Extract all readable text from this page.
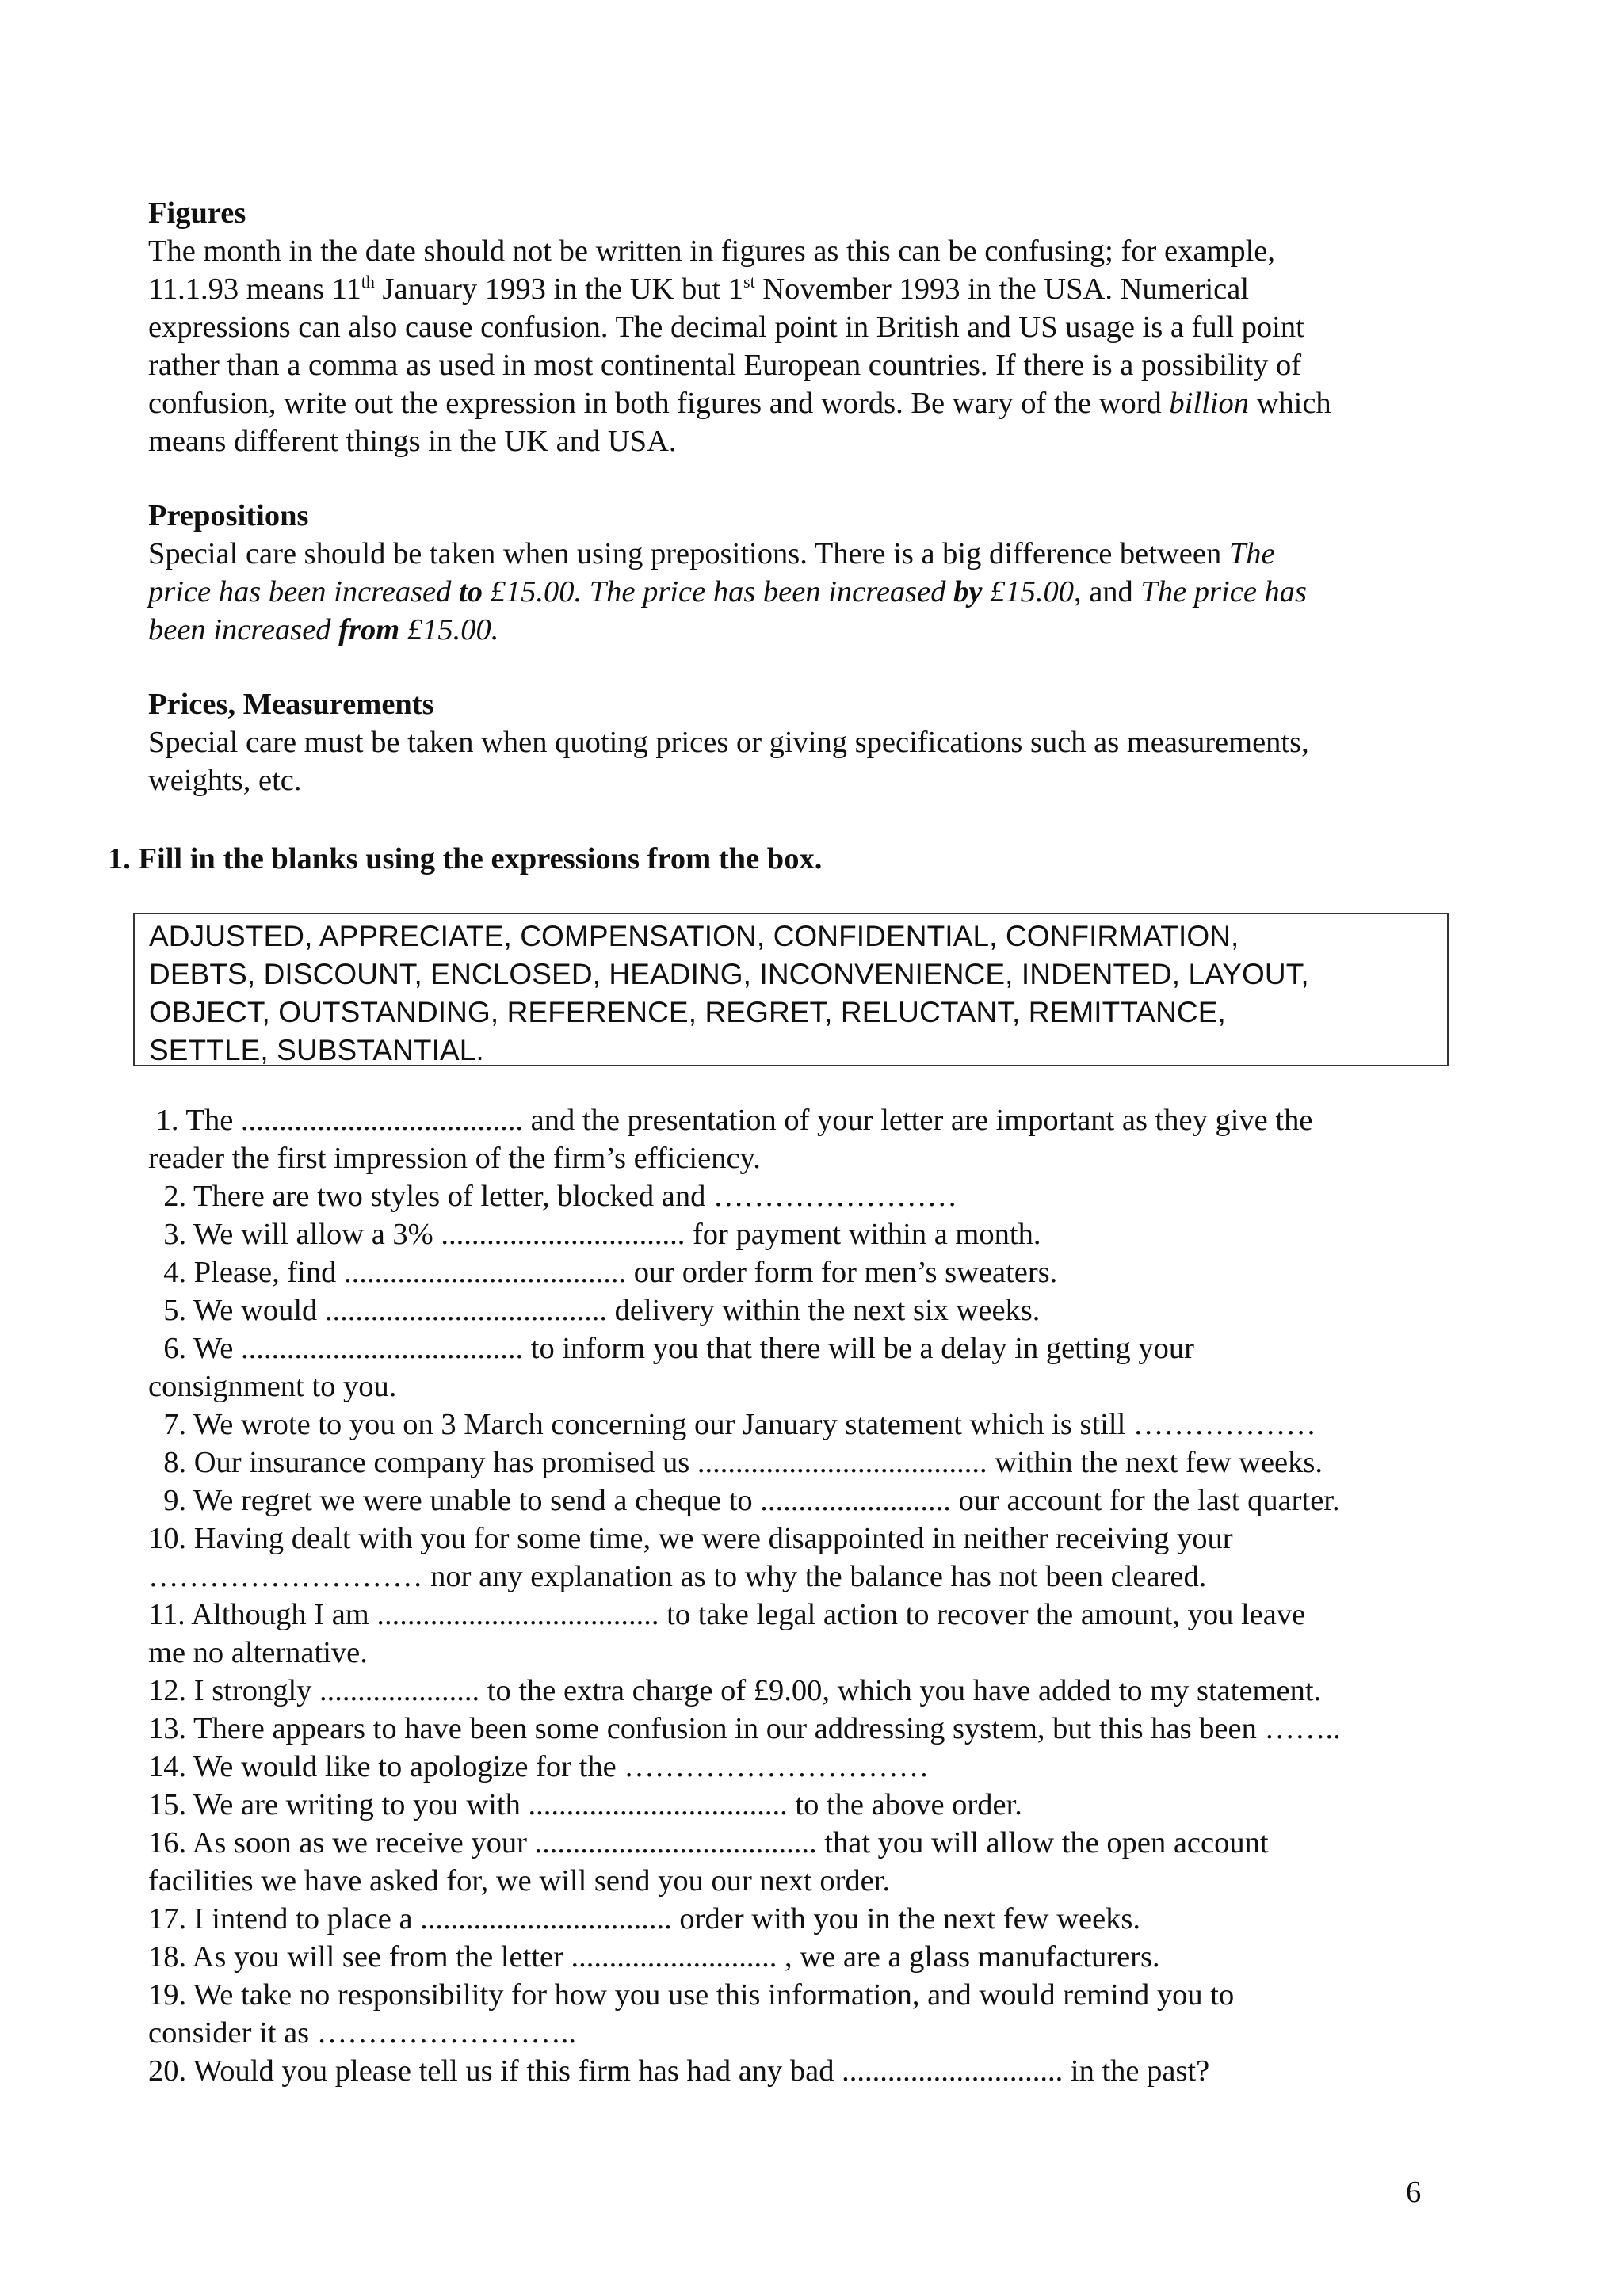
Figures
The month in the date should not be written in figures as this can be confusing; for example,
11.1.93 means 11th January 1993 in the UK but 1st November 1993 in the USA. Numerical
expressions can also cause confusion. The decimal point in British and US usage is a full point
rather than a comma as used in most continental European countries. If there is a possibility of
confusion, write out the expression in both figures and words. Be wary of the word billion which
means different things in the UK and USA.
Prepositions
Special care should be taken when using prepositions. There is a big difference between The
price has been increased to £15.00. The price has been increased by £15.00, and The price has
been increased from £15.00.
Prices, Measurements
Special care must be taken when quoting prices or giving specifications such as measurements,
weights, etc.
1. Fill in the blanks using the expressions from the box.
ADJUSTED, APPRECIATE, COMPENSATION, CONFIDENTIAL, CONFIRMATION,
DEBTS, DISCOUNT, ENCLOSED, HEADING, INCONVENIENCE, INDENTED, LAYOUT,
OBJECT, OUTSTANDING, REFERENCE, REGRET, RELUCTANT, REMITTANCE,
SETTLE, SUBSTANTIAL.
1. The ..................................... and the presentation of your letter are important as they give the
reader the first impression of the firm’s efficiency.
2. There are two styles of letter, blocked and ……………………
3. We will allow a 3% ................................ for payment within a month.
4. Please, find ..................................... our order form for men’s sweaters.
5. We would ..................................... delivery within the next six weeks.
6. We ..................................... to inform you that there will be a delay in getting your
consignment to you.
7. We wrote to you on 3 March concerning our January statement which is still ………………
8. Our insurance company has promised us ...................................... within the next few weeks.
9. We regret we were unable to send a cheque to ......................... our account for the last quarter.
10. Having dealt with you for some time, we were disappointed in neither receiving your
……………………… nor any explanation as to why the balance has not been cleared.
11. Although I am ..................................... to take legal action to recover the amount, you leave
me no alternative.
12. I strongly ..................... to the extra charge of £9.00, which you have added to my statement.
13. There appears to have been some confusion in our addressing system, but this has been ……..
14. We would like to apologize for the …………………………
15. We are writing to you with .................................. to the above order.
16. As soon as we receive your ..................................... that you will allow the open account
facilities we have asked for, we will send you our next order.
17. I intend to place a ................................. order with you in the next few weeks.
18. As you will see from the letter ........................... , we are a glass manufacturers.
19. We take no responsibility for how you use this information, and would remind you to
consider it as ……………………..
20. Would you please tell us if this firm has had any bad ............................. in the past?
6
